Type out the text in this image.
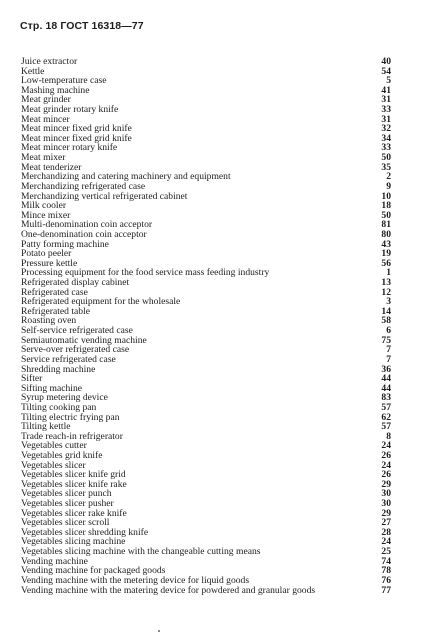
Стр. 18 ГОСТ 16318—77
Juice extractor	40
Kettle	54
Low-temperature case	5
Mashing machine	41
Meat grinder	31
Meat grinder rotary knife	33
Meat mincer	31
Meat mincer fixed grid knife	32
Meat mincer fixed grid knife	34
Meat mincer rotary knife	33
Meat mixer	50
Meat tenderizer	35
Merchandizing and catering machinery and equipment	2
Merchandizing refrigerated case	9
Merchandizing vertical refrigerated cabinet	10
Milk cooler	18
Mince mixer	50
Multi-denomination coin acceptor	81
One-denomination coin acceptor	80
Patty forming machine	43
Potato peeler	19
Pressure kettle	56
Processing equipment for the food service mass feeding industry	1
Refrigerated display cabinet	13
Refrigerated case	12
Refrigerated equipment for the wholesale	3
Refrigerated table	14
Roasting oven	58
Self-service refrigerated case	6
Semiautomatic vending machine	75
Serve-over refrigerated case	7
Service refrigerated case	7
Shredding machine	36
Sifter	44
Sifting machine	44
Syrup metering device	83
Tilting cooking pan	57
Tilting electric frying pan	62
Tilting kettle	57
Trade reach-in refrigerator	8
Vegetables cutter	24
Vegetables grid knife	26
Vegetables slicer	24
Vegetables slicer knife grid	26
Vegetables slicer knife rake	29
Vegetables slicer punch	30
Vegetables slicer pusher	30
Vegetables slicer rake knife	29
Vegetables slicer scroll	27
Vegetables slicer shredding knife	28
Vegetables slicing machine	24
Vegetables slicing machine with the changeable cutting means	25
Vending machine	74
Vending machine for packaged goods	78
Vending machine with the metering device for liquid goods	76
Vending machine with the matering device for powdered and granular goods	77
